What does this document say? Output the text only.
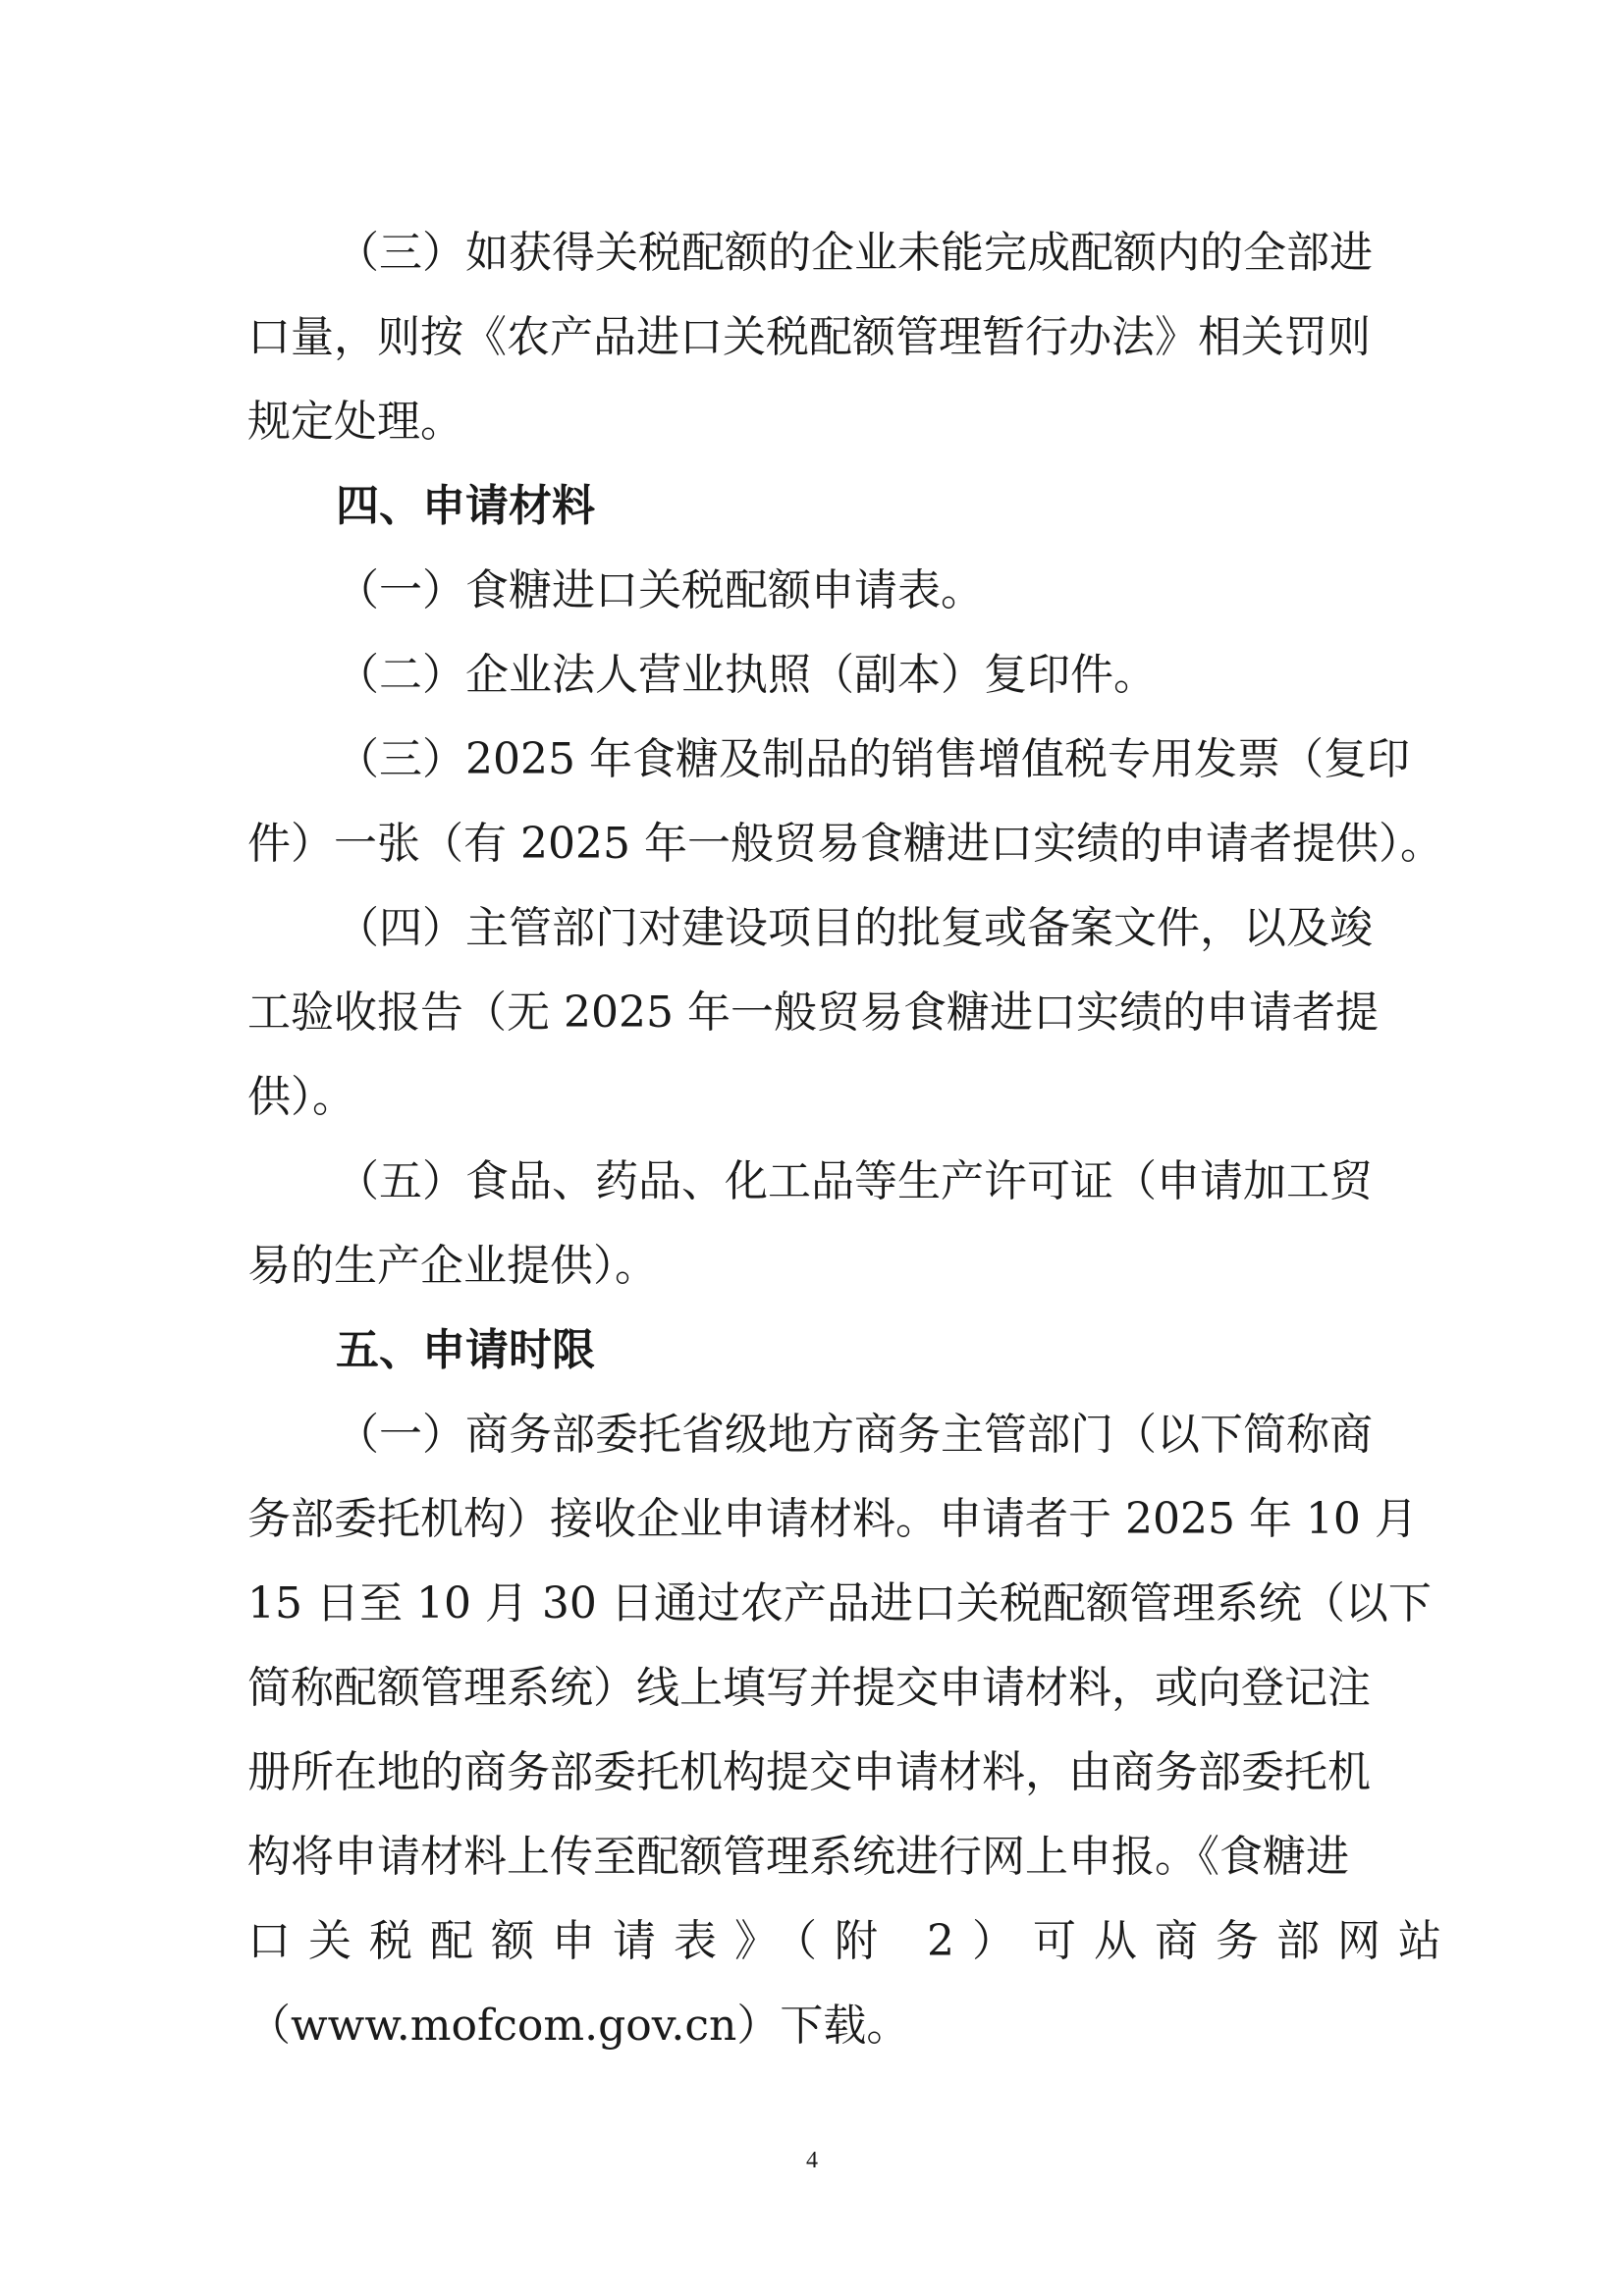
（三）如获得关税配额的企业未能完成配额内的全部进

口量，则按《农产品进口关税配额管理暂行办法》相关罚则

规定处理。

四、申请材料

（一）食糖进口关税配额申请表。

（二）企业法人营业执照（副本）复印件。

（三）2025 年食糖及制品的销售增值税专用发票（复印

件）一张（有 2025 年一般贸易食糖进口实绩的申请者提供）。

（四）主管部门对建设项目的批复或备案文件，以及竣

工验收报告（无 2025 年一般贸易食糖进口实绩的申请者提

供）。

（五）食品、药品、化工品等生产许可证（申请加工贸

易的生产企业提供）。

五、申请时限

（一）商务部委托省级地方商务主管部门（以下简称商

务部委托机构）接收企业申请材料。申请者于 2025 年 10 月

15 日至 10 月 30 日通过农产品进口关税配额管理系统（以下

简称配额管理系统）线上填写并提交申请材料，或向登记注

册所在地的商务部委托机构提交申请材料，由商务部委托机

构将申请材料上传至配额管理系统进行网上申报。《食糖进

口关税配额申请表》（附 2）可从商务部网站

（www.mofcom.gov.cn）下载。

4
